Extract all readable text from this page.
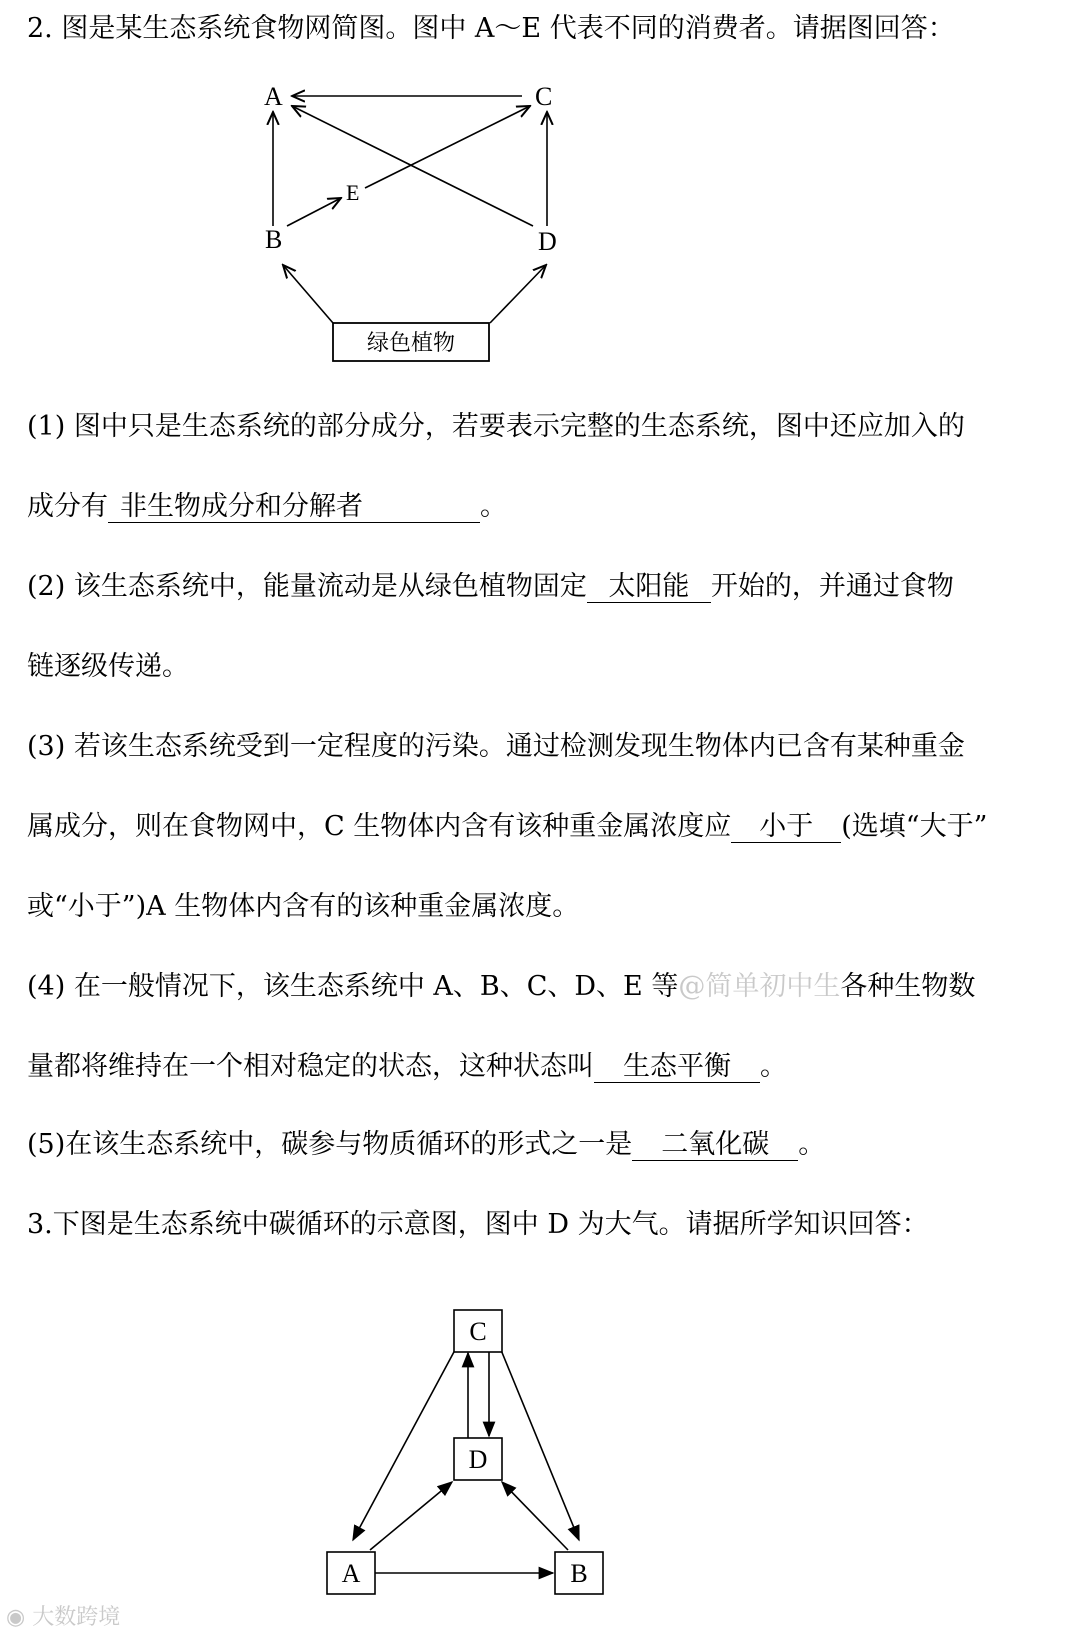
2. 图是某生态系统食物网简图。图中 A～E 代表不同的消费者。请据图回答：
A	C
B	D
E
绿色植物
(1) 图中只是生态系统的部分成分，若要表示完整的生态系统，图中还应加入的
成分有 非生物成分和分解者	。
(2) 该生态系统中，能量流动是从绿色植物固定 太阳能 开始的，并通过食物
链逐级传递。
(3) 若该生态系统受到一定程度的污染。通过检测发现生物体内已含有某种重金
属成分，则在食物网中，C 生物体内含有该种重金属浓度应 小于 (选填“大于”
或“小于”)A 生物体内含有的该种重金属浓度。
(4) 在一般情况下，该生态系统中 A、B、C、D、E 等@简单初中生各种生物数
量都将维持在一个相对稳定的状态，这种状态叫 生态平衡 。
(5)在该生态系统中，碳参与物质循环的形式之一是 二氧化碳 。
3.下图是生态系统中碳循环的示意图，图中 D 为大气。请据所学知识回答：
C
D
A	B
◉ 大数跨境
